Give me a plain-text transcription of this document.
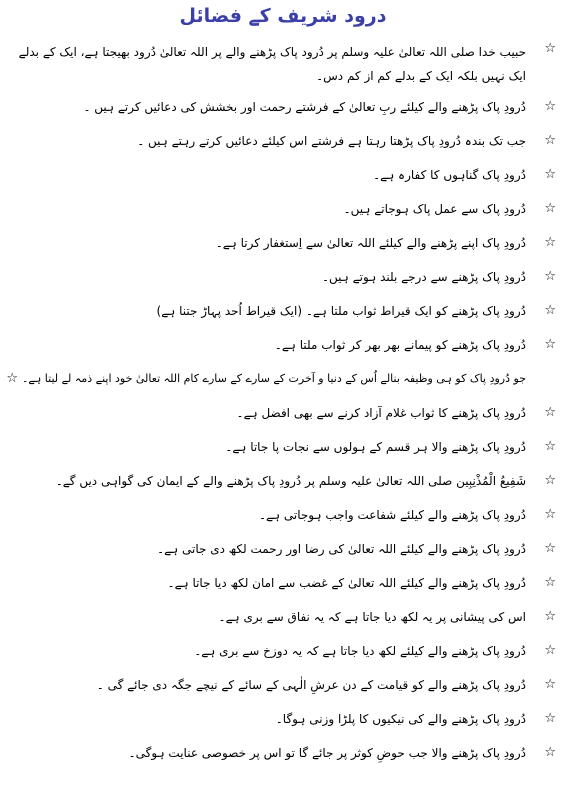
درود شریف کے فضائل
☆
حبیب خدا صلی اللہ تعالیٰ علیہ وسلم پر دُرود پاک پڑھنے والے پر اللہ تعالیٰ دُرود بھیجتا ہے، ایک کے بدلے ایک نہیں بلکہ ایک کے بدلے کم از کم دس۔
☆
دُرودِ پاک پڑھنے والے کیلئے ربِ تعالیٰ کے فرشتے رحمت اور بخشش کی دعائیں کرتے ہیں ۔
☆
جب تک بندہ دُرودِ پاک پڑھتا رہتا ہے فرشتے اس کیلئے دعائیں کرتے رہتے ہیں ۔
☆
دُرودِ پاک گناہوں کا کفارہ ہے۔
☆
دُرودِ پاک سے عمل پاک ہوجاتے ہیں۔
☆
دُرودِ پاک اپنے پڑھنے والے کیلئے اللہ تعالیٰ سے اِستغفار کرتا ہے۔
☆
دُرودِ پاک پڑھنے سے درجے بلند ہوتے ہیں۔
☆
دُرودِ پاک پڑھنے کو ایک قیراط ثواب ملتا ہے۔ (ایک قیراط اُحد پہاڑ جتنا ہے)
☆
دُرودِ پاک پڑھنے کو پیمانے بھر بھر کر ثواب ملتا ہے۔
☆ جو دُرودِ پاک کو ہی وظیفہ بنالے اُس کے دنیا و آخرت کے سارے کے سارے کام اللہ تعالیٰ خود اپنے ذمہ لے لیتا ہے۔
☆
دُرودِ پاک پڑھنے کا ثواب غلام آزاد کرنے سے بھی افضل ہے۔
☆
دُرودِ پاک پڑھنے والا ہر قسم کے ہولوں سے نجات پا جاتا ہے۔
☆
شَفِیعُ الْمُذْنِبِین صلی اللہ تعالیٰ علیہ وسلم پر دُرودِ پاک پڑھنے والے کے ایمان کی گواہی دیں گے۔
☆
دُرودِ پاک پڑھنے والے کیلئے شفاعت واجب ہوجاتی ہے۔
☆
دُرودِ پاک پڑھنے والے کیلئے اللہ تعالیٰ کی رضا اور رحمت لکھ دی جاتی ہے۔
☆
دُرودِ پاک پڑھنے والے کیلئے اللہ تعالیٰ کے غضب سے امان لکھ دیا جاتا ہے۔
☆
اس کی پیشانی پر یہ لکھ دیا جاتا ہے کہ یہ نفاق سے بری ہے۔
☆
دُرودِ پاک پڑھنے والے کیلئے لکھ دیا جاتا ہے کہ یہ دوزخ سے بری ہے۔
☆
دُرودِ پاک پڑھنے والے کو قیامت کے دن عرشِ الٰہی کے سائے کے نیچے جگہ دی جائے گی ۔
☆
دُرودِ پاک پڑھنے والے کی نیکیوں کا پلڑا وزنی ہوگا۔
☆
دُرودِ پاک پڑھنے والا جب حوضِ کوثر پر جائے گا تو اس پر خصوصی عنایت ہوگی۔
